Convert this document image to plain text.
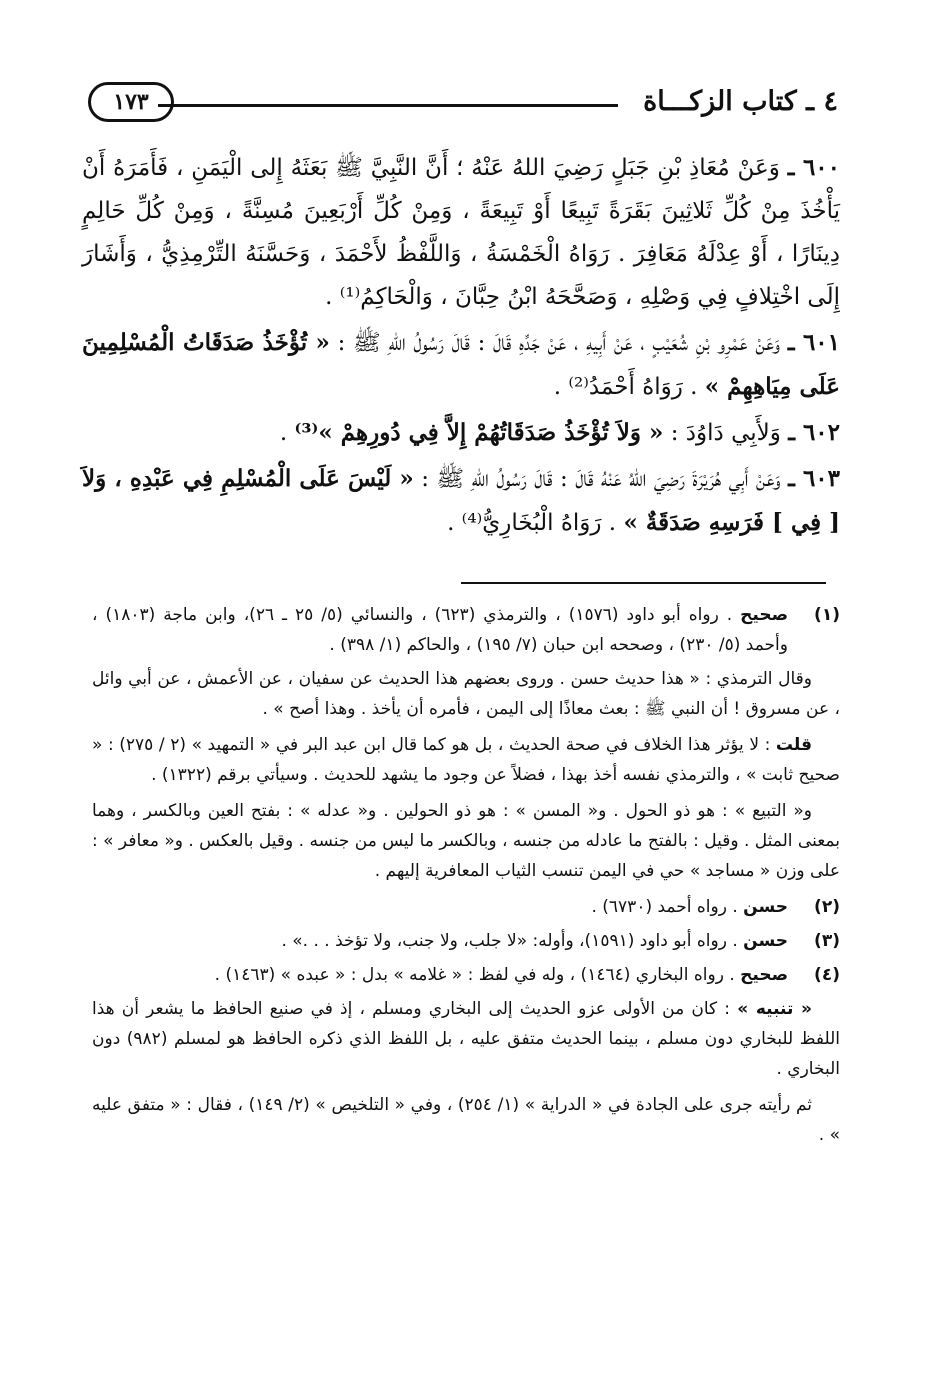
٤ ـ كتاب الزكـــاة
١٧٣

٦٠٠ ـ وَعَنْ مُعَاذِ بْنِ جَبَلٍ رَضِيَ اللهُ عَنْهُ ؛ أَنَّ النَّبِيَّ ﷺ بَعَثَهُ إِلى الْيَمَنِ ، فَأَمَرَهُ أَنْ يَأْخُذَ مِنْ كُلِّ ثَلاثِينَ بَقَرَةً تَبِيعًا أَوْ تَبِيعَةً ، وَمِنْ كُلِّ أَرْبَعِينَ مُسِنَّةً ، وَمِنْ كُلِّ حَالِمٍ دِينَارًا ، أَوْ عِدْلَهُ مَعَافِرَ . رَوَاهُ الْخَمْسَةُ ، وَاللَّفْظُ لأَحْمَدَ ، وَحَسَّنَهُ التِّرْمِذِيُّ ، وَأَشَارَ إِلَى اخْتِلافٍ فِي وَصْلِهِ ، وَصَحَّحَهُ ابْنُ حِبَّانَ ، وَالْحَاكِمُ⁽¹⁾ .

٦٠١ ـ وَعَنْ عَمْرِو بْنِ شُعَيْبٍ ، عَنْ أَبِيهِ ، عَنْ جَدِّهِ قَالَ : قَالَ رَسُولُ اللهِ ﷺ : « تُؤْخَذُ صَدَقَاتُ الْمُسْلِمِينَ عَلَى مِيَاهِهِمْ » . رَوَاهُ أَحْمَدُ⁽²⁾ .

٦٠٢ ـ وَلأَبِي دَاوُدَ : « وَلاَ تُؤْخَذُ صَدَقَاتُهُمْ إِلاَّ فِي دُورِهِمْ »⁽³⁾ .

٦٠٣ ـ وَعَنْ أَبِي هُرَيْرَةَ رَضِيَ اللهُ عَنْهُ قَالَ : قَالَ رَسُولُ اللهِ ﷺ : « لَيْسَ عَلَى الْمُسْلِمِ فِي عَبْدِهِ ، وَلاَ [ فِي ] فَرَسِهِ صَدَقَةٌ » . رَوَاهُ الْبُخَارِيُّ⁽⁴⁾ .

(١)
صحيح . رواه أبو داود (١٥٧٦) ، والترمذي (٦٢٣) ، والنسائي (٥/ ٢٥ ـ ٢٦)، وابن ماجة (١٨٠٣) ، وأحمد (٥/ ٢٣٠) ، وصححه ابن حبان (٧/ ١٩٥) ، والحاكم (١/ ٣٩٨) .

وقال الترمذي : « هذا حديث حسن . وروى بعضهم هذا الحديث عن سفيان ، عن الأعمش ، عن أبي وائل ، عن مسروق ! أن النبي ﷺ : بعث معاذًا إلى اليمن ، فأمره أن يأخذ . وهذا أصح » .

قلت : لا يؤثر هذا الخلاف في صحة الحديث ، بل هو كما قال ابن عبد البر في « التمهيد » (٢ / ٢٧٥) : « صحيح ثابت » ، والترمذي نفسه أخذ بهذا ، فضلاً عن وجود ما يشهد للحديث . وسيأتي برقم (١٣٢٢) .

و« التبيع » : هو ذو الحول . و« المسن » : هو ذو الحولين . و« عدله » : بفتح العين وبالكسر ، وهما بمعنى المثل . وقيل : بالفتح ما عادله من جنسه ، وبالكسر ما ليس من جنسه . وقيل بالعكس . و« معافر » : على وزن « مساجد » حي في اليمن تنسب الثياب المعافرية إليهم .

(٢)
حسن . رواه أحمد (٦٧٣٠) .
(٣)
حسن . رواه أبو داود (١٥٩١)، وأوله: «لا جلب، ولا جنب، ولا تؤخذ . . .» .
(٤)
صحيح . رواه البخاري (١٤٦٤) ، وله في لفظ : « غلامه » بدل : « عبده » (١٤٦٣) .

« تنبيه » : كان من الأولى عزو الحديث إلى البخاري ومسلم ، إذ في صنيع الحافظ ما يشعر أن هذا اللفظ للبخاري دون مسلم ، بينما الحديث متفق عليه ، بل اللفظ الذي ذكره الحافظ هو لمسلم (٩٨٢) دون البخاري .

ثم رأيته جرى على الجادة في « الدراية » (١/ ٢٥٤) ، وفي « التلخيص » (٢/ ١٤٩) ، فقال : « متفق عليه » .
